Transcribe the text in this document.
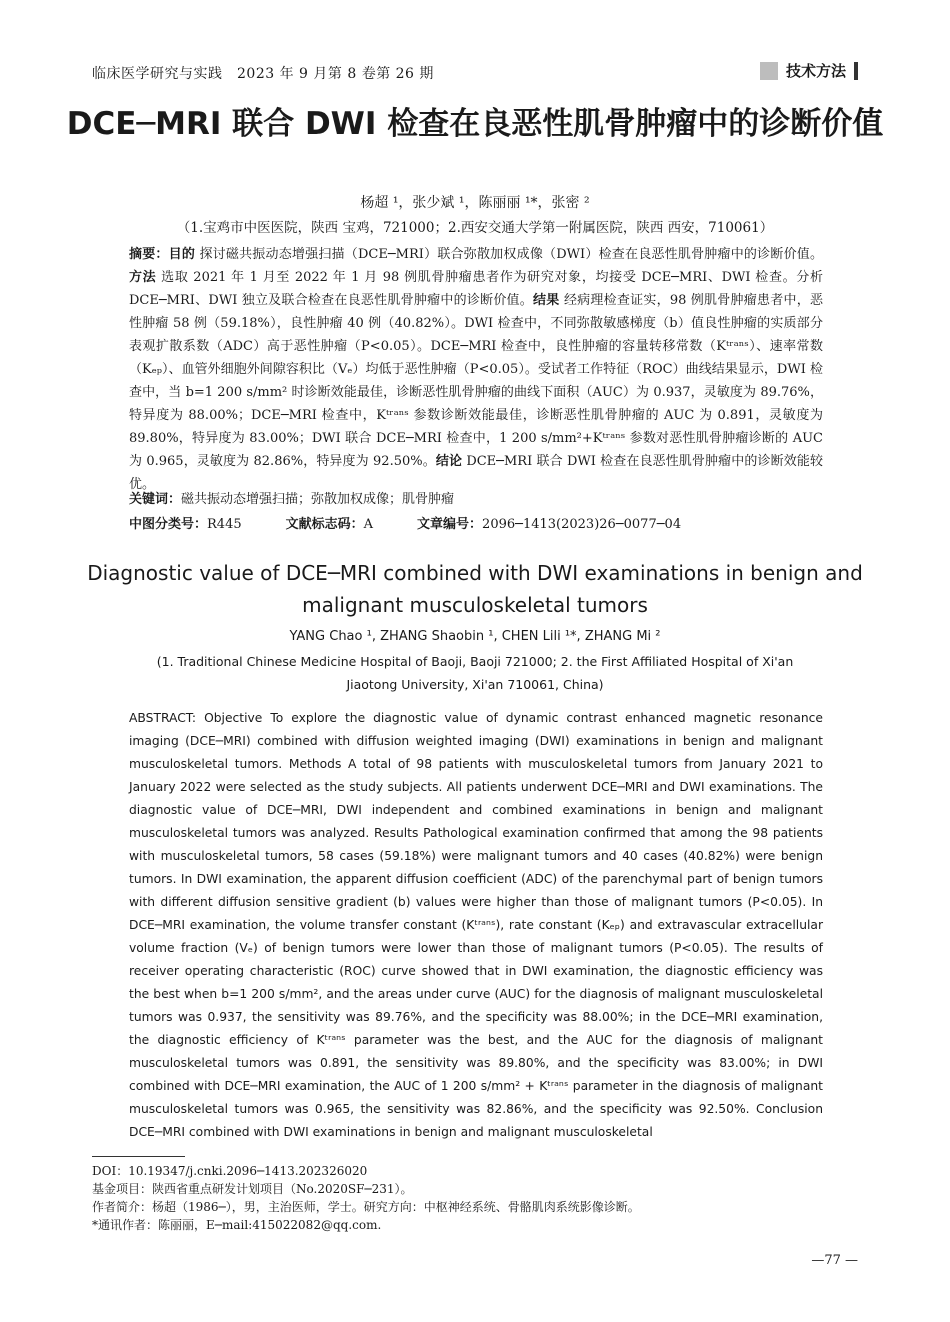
临床医学研究与实践　2023 年 9 月第 8 卷第 26 期	技术方法
DCE─MRI 联合 DWI 检查在良恶性肌骨肿瘤中的诊断价值
杨超 ¹，张少斌 ¹，陈丽丽 ¹*，张密 ²
（1.宝鸡市中医医院，陕西 宝鸡，721000；2.西安交通大学第一附属医院，陕西 西安，710061）
摘要：目的 探讨磁共振动态增强扫描（DCE─MRI）联合弥散加权成像（DWI）检查在良恶性肌骨肿瘤中的诊断价值。方法 选取 2021 年 1 月至 2022 年 1 月 98 例肌骨肿瘤患者作为研究对象，均接受 DCE─MRI、DWI 检查。分析 DCE─MRI、DWI 独立及联合检查在良恶性肌骨肿瘤中的诊断价值。结果 经病理检查证实，98 例肌骨肿瘤患者中，恶性肿瘤 58 例（59.18%），良性肿瘤 40 例（40.82%）。DWI 检查中，不同弥散敏感梯度（b）值良性肿瘤的实质部分表观扩散系数（ADC）高于恶性肿瘤（P<0.05）。DCE─MRI 检查中，良性肿瘤的容量转移常数（Kᵗʳᵃⁿˢ）、速率常数（Kₑₚ）、血管外细胞外间隙容积比（Vₑ）均低于恶性肿瘤（P<0.05）。受试者工作特征（ROC）曲线结果显示，DWI 检查中，当 b=1 200 s/mm² 时诊断效能最佳，诊断恶性肌骨肿瘤的曲线下面积（AUC）为 0.937，灵敏度为 89.76%，特异度为 88.00%；DCE─MRI 检查中，Kᵗʳᵃⁿˢ 参数诊断效能最佳，诊断恶性肌骨肿瘤的 AUC 为 0.891，灵敏度为 89.80%，特异度为 83.00%；DWI 联合 DCE─MRI 检查中，1 200 s/mm²+Kᵗʳᵃⁿˢ 参数对恶性肌骨肿瘤诊断的 AUC 为 0.965，灵敏度为 82.86%，特异度为 92.50%。结论 DCE─MRI 联合 DWI 检查在良恶性肌骨肿瘤中的诊断效能较优。
关键词：磁共振动态增强扫描；弥散加权成像；肌骨肿瘤
中图分类号：R445	文献标志码：A	文章编号：2096─1413(2023)26─0077─04
Diagnostic value of DCE─MRI combined with DWI examinations in benign and malignant musculoskeletal tumors
YANG Chao ¹, ZHANG Shaobin ¹, CHEN Lili ¹*, ZHANG Mi ²
(1. Traditional Chinese Medicine Hospital of Baoji, Baoji 721000; 2. the First Affiliated Hospital of Xi'an Jiaotong University, Xi'an 710061, China)
ABSTRACT: Objective To explore the diagnostic value of dynamic contrast enhanced magnetic resonance imaging (DCE─MRI) combined with diffusion weighted imaging (DWI) examinations in benign and malignant musculoskeletal tumors. Methods A total of 98 patients with musculoskeletal tumors from January 2021 to January 2022 were selected as the study subjects. All patients underwent DCE─MRI and DWI examinations. The diagnostic value of DCE─MRI, DWI independent and combined examinations in benign and malignant musculoskeletal tumors was analyzed. Results Pathological examination confirmed that among the 98 patients with musculoskeletal tumors, 58 cases (59.18%) were malignant tumors and 40 cases (40.82%) were benign tumors. In DWI examination, the apparent diffusion coefficient (ADC) of the parenchymal part of benign tumors with different diffusion sensitive gradient (b) values were higher than those of malignant tumors (P<0.05). In DCE─MRI examination, the volume transfer constant (Kᵗʳᵃⁿˢ), rate constant (Kₑₚ) and extravascular extracellular volume fraction (Vₑ) of benign tumors were lower than those of malignant tumors (P<0.05). The results of receiver operating characteristic (ROC) curve showed that in DWI examination, the diagnostic efficiency was the best when b=1 200 s/mm², and the areas under curve (AUC) for the diagnosis of malignant musculoskeletal tumors was 0.937, the sensitivity was 89.76%, and the specificity was 88.00%; in the DCE─MRI examination, the diagnostic efficiency of Kᵗʳᵃⁿˢ parameter was the best, and the AUC for the diagnosis of malignant musculoskeletal tumors was 0.891, the sensitivity was 89.80%, and the specificity was 83.00%; in DWI combined with DCE─MRI examination, the AUC of 1 200 s/mm² + Kᵗʳᵃⁿˢ parameter in the diagnosis of malignant musculoskeletal tumors was 0.965, the sensitivity was 82.86%, and the specificity was 92.50%. Conclusion DCE─MRI combined with DWI examinations in benign and malignant musculoskeletal
DOI：10.19347/j.cnki.2096─1413.202326020
基金项目：陕西省重点研发计划项目（No.2020SF─231）。
作者简介：杨超（1986─），男，主治医师，学士。研究方向：中枢神经系统、骨骼肌肉系统影像诊断。
*通讯作者：陈丽丽，E─mail:415022082@qq.com.
—77 —
